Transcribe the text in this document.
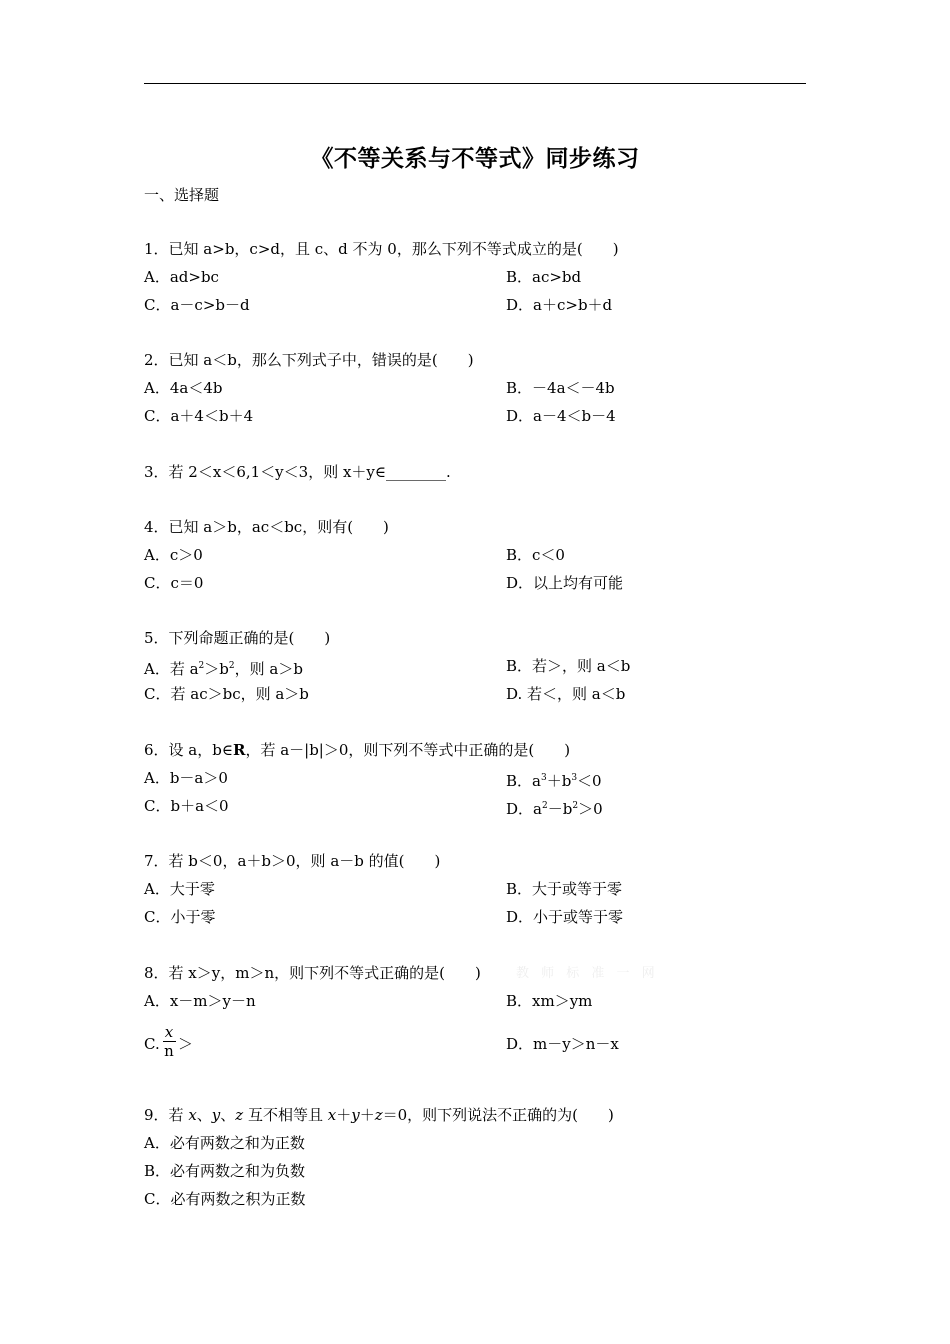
《不等关系与不等式》同步练习
一、选择题
1．已知 a>b，c>d，且 c、d 不为 0，那么下列不等式成立的是(　　)
A．ad>bc	B．ac>bd
C．a－c>b－d	D．a＋c>b＋d
2．已知 a＜b，那么下列式子中，错误的是(　　)
A．4a＜4b	B．－4a＜－4b
C．a＋4＜b＋4	D．a－4＜b－4
3．若 2＜x＜6,1＜y＜3，则 x＋y∈________.
4．已知 a＞b，ac＜bc，则有(　　)
A．c＞0	B．c＜0
C．c＝0	D．以上均有可能
5．下列命题正确的是(　　)
A．若 $a^2>b^2$，则 a＞b	B．若＞，则 a＜b
C．若 ac＞bc，则 a＞b	D. 若＜，则 a＜b
6．设 a，b∈R，若 a－|b|＞0，则下列不等式中正确的是(　　)
A．b－a＞0	B．$a^3+b^3<0$
C．b＋a＜0	D．$a^2-b^2>0$
7．若 b＜0，a＋b＞0，则 a－b 的值(　　)
A．大于零	B．大于或等于零
C．小于零	D．小于或等于零
8．若 x＞y，m＞n，则下列不等式正确的是(　　)	教 师 标 准 一 网
A．x－m＞y－n	B．xm＞ym
C.
x
n ＞	D．m－y＞n－x
9．若 x、y、z 互不相等且 x＋y＋z＝0，则下列说法不正确的为(　　)
A．必有两数之和为正数
B．必有两数之和为负数
C．必有两数之积为正数
